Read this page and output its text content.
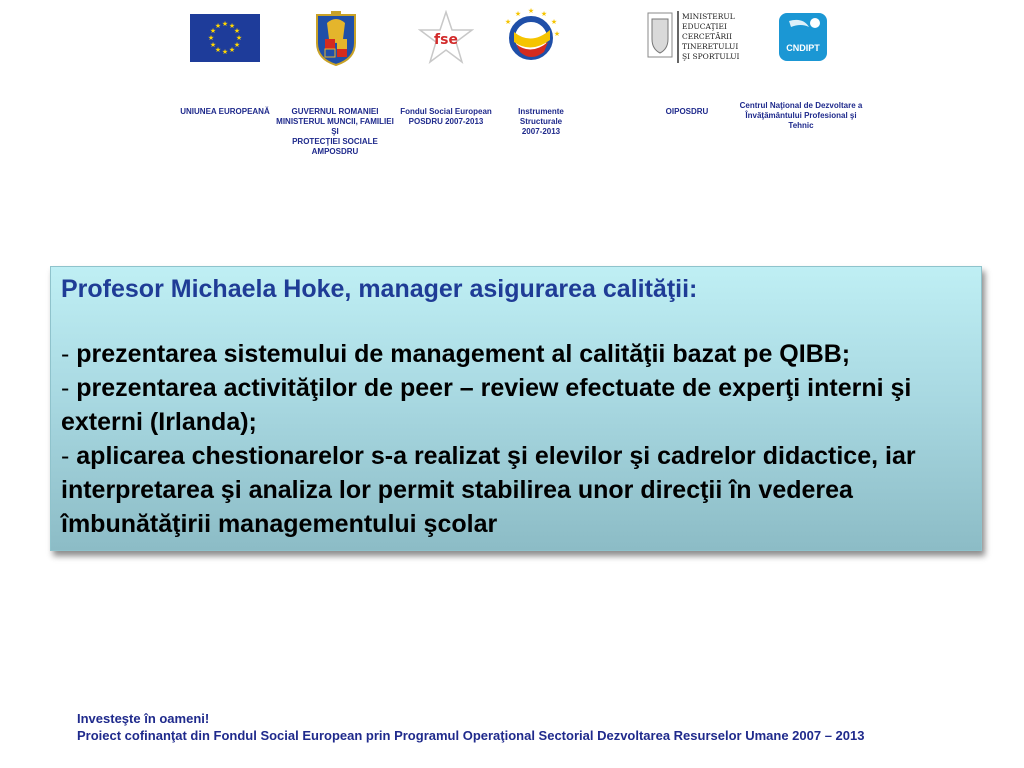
★ ★
★
★
★
★
★
★
★
★
★
★
fse
★ ★
★
★
★
★
MINISTERUL
EDUCAŢIEI
CERCETĂRII
TINERETULUI
ŞI SPORTULUI
CNDIPT
UNIUNEA EUROPEANĂ	GUVERNUL ROMANIEI
MINISTERUL MUNCII, FAMILIEI ŞI
PROTECŢIEI SOCIALE
AMPOSDRU
Fondul Social European
POSDRU 2007-2013
Instrumente Structurale
2007-2013
OIPOSDRU
Centrul Naţional de Dezvoltare a
Învăţământului Profesional şi
Tehnic

Profesor Michaela Hoke, manager asigurarea calităţii:

- prezentarea sistemului de management al calităţii bazat pe QIBB;

- prezentarea activităţilor de peer – review efectuate de experţi interni şi externi (Irlanda);

- aplicarea chestionarelor s-a realizat şi elevilor şi cadrelor didactice, iar interpretarea şi analiza lor permit stabilirea unor direcţii în vederea îmbunătăţirii managementului şcolar

Investeşte în oameni!
Proiect cofinanţat din Fondul Social European prin Programul Operaţional Sectorial Dezvoltarea Resurselor Umane 2007 – 2013
